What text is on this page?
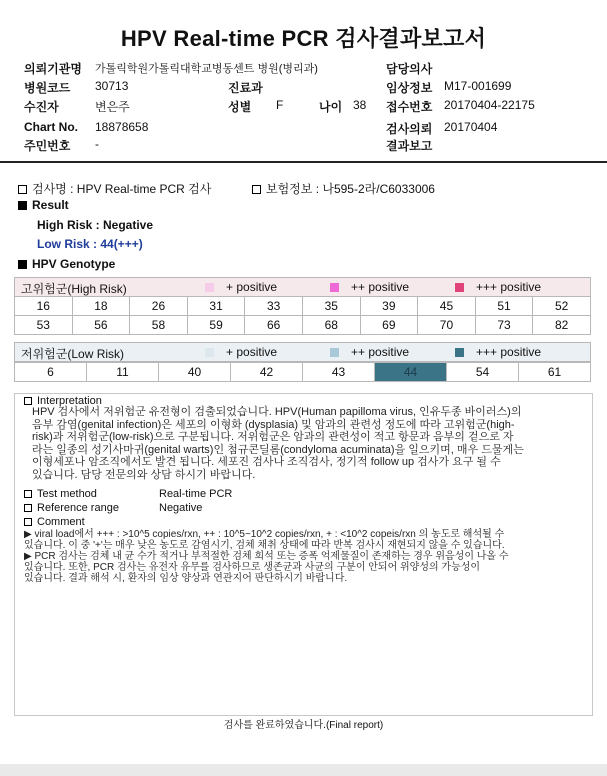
HPV Real-time PCR 검사결과보고서
의뢰기관명 가톨릭학원가톨릭대학교병동센트 병원(병리과)	담당의사
병원코드 30713	진료과	임상정보 M17-001699
수진자	변은주	성별 F	나이 38 접수번호 20170404-22175
Chart No. 18878658	검사의뢰 20170404
주민번호 -	결과보고
검사명 : HPV Real-time PCR 검사	보험정보 : 나595-2라/C6033006
Result
High Risk : Negative
Low Risk : 44(+++)
HPV Genotype
고위험군(High Risk)	+ positive	++ positive	+++ positive
16	18	26	31	33	35	39	45	51	52
53	56	58	59	66	68	69	70	73	82
저위험군(Low Risk)	+ positive	++ positive	+++ positive
6	11	40	42	43	44	54	61
Interpretation
HPV 검사에서 저위험군 유전형이 검출되었습니다. HPV(Human papilloma virus, 인유두종 바이러스)의
음부 감염(genital infection)은 세포의 이형화 (dysplasia) 및 암과의 관련성 정도에 따라 고위험군(high-
risk)과 저위험군(low-risk)으로 구분됩니다. 저위험군은 암과의 관련성이 적고 항문과 음부의 겉으로 자
라는 일종의 성기사마귀(genital warts)인 첨규콘딜롬(condyloma acuminata)을 일으키며, 매우 드물게는
이형세포나 암조직에서도 발견 됩니다. 세포진 검사나 조직검사, 정기적 follow up 검사가 요구 될 수
있습니다. 담당 전문의와 상담 하시기 바랍니다.
Test method	Real-time PCR
Reference range	Negative
Comment
▶ viral load에서 +++ : >10^5 copies/rxn, ++ : 10^5~10^2 copies/rxn, + : <10^2 copeis/rxn 의 농도로 해석될 수
있습니다. 이 중 '+'는 매우 낮은 농도로 감염시기, 검체 채취 상태에 따라 반복 검사시 재현되지 않을 수 있습니다.
▶ PCR 검사는 검체 내 균 수가 적거나 부적절한 검체 희석 또는 증폭 억제물질이 존재하는 경우 위음성이 나올 수
있습니다. 또한, PCR 검사는 유전자 유무를 검사하므로 생존균과 사균의 구분이 안되어 위양성의 가능성이
있습니다. 결과 해석 시, 환자의 임상 양상과 연관지어 판단하시기 바랍니다.
검사를 완료하였습니다.(Final report)
